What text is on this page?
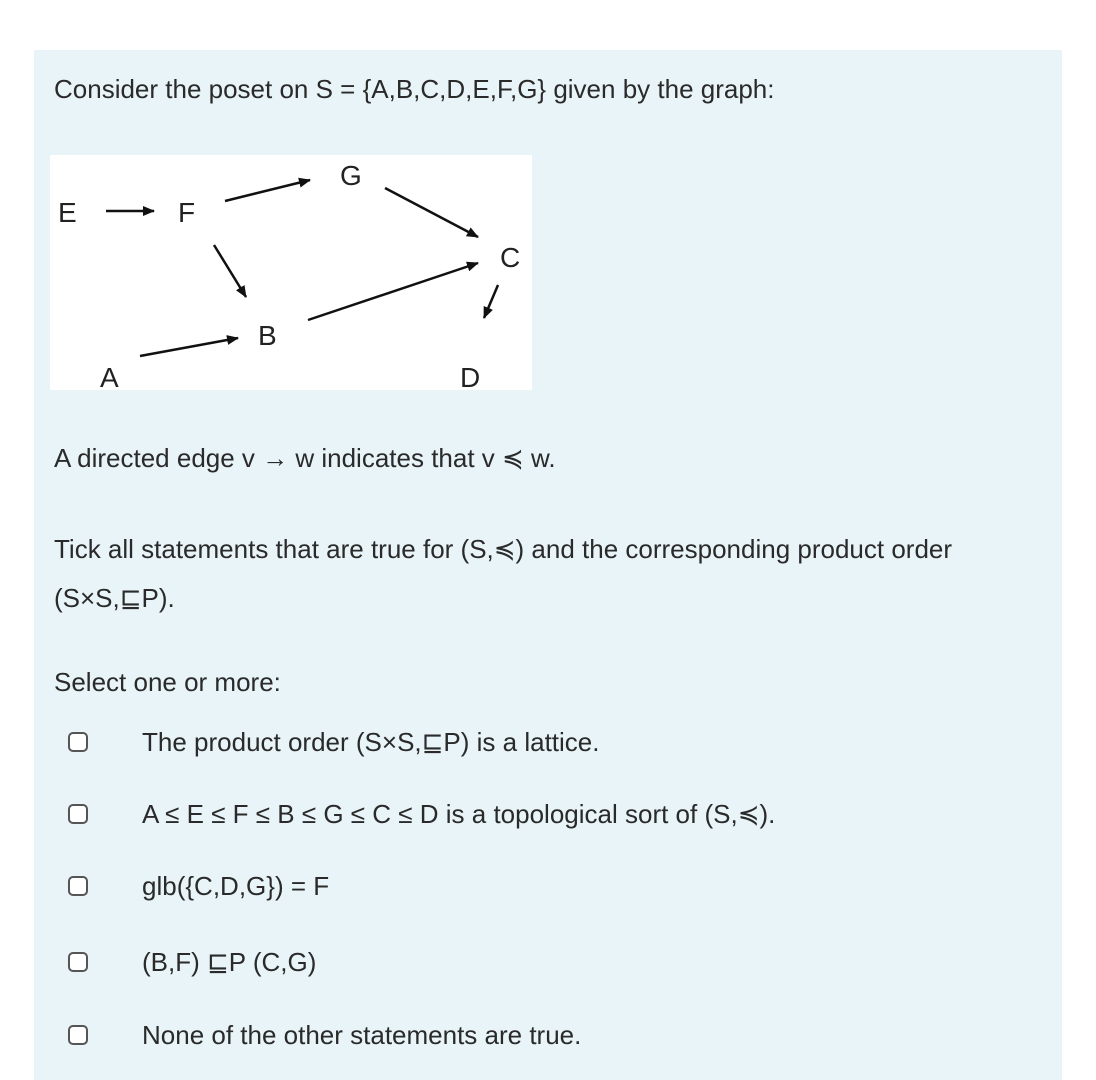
Consider the poset on S = {A,B,C,D,E,F,G} given by the graph:
E	F
G
C
B
A	D
A directed edge v → w indicates that v ≼ w.
Tick all statements that are true for (S,≼) and the corresponding product order
(S×S,⊑P).
Select one or more:
The product order (S×S,⊑P) is a lattice.
A ≤ E ≤ F ≤ B ≤ G ≤ C ≤ D is a topological sort of (S,≼).
glb({C,D,G}) = F
(B,F) ⊑P (C,G)
None of the other statements are true.
